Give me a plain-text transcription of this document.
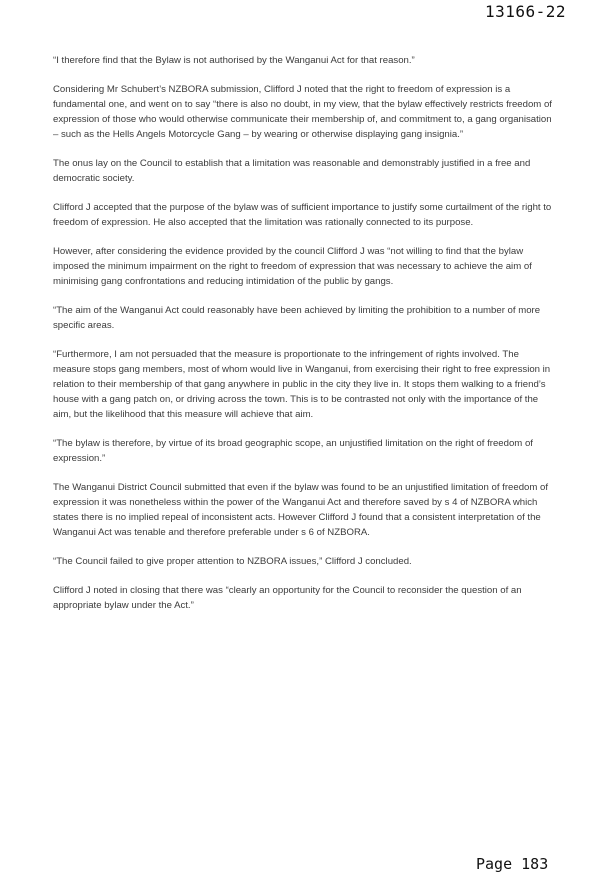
13166-22

“I therefore find that the Bylaw is not authorised by the Wanganui Act for that reason.”

Considering Mr Schubert’s NZBORA submission, Clifford J noted that the right to freedom of expression is a fundamental one, and went on to say “there is also no doubt, in my view, that the bylaw effectively restricts freedom of expression of those who would otherwise communicate their membership of, and commitment to, a gang organisation – such as the Hells Angels Motorcycle Gang – by wearing or otherwise displaying gang insignia.”

The onus lay on the Council to establish that a limitation was reasonable and demonstrably justified in a free and democratic society.

Clifford J accepted that the purpose of the bylaw was of sufficient importance to justify some curtailment of the right to freedom of expression. He also accepted that the limitation was rationally connected to its purpose.

However, after considering the evidence provided by the council Clifford J was “not willing to find that the bylaw imposed the minimum impairment on the right to freedom of expression that was necessary to achieve the aim of minimising gang confrontations and reducing intimidation of the public by gangs.

“The aim of the Wanganui Act could reasonably have been achieved by limiting the prohibition to a number of more specific areas.

“Furthermore, I am not persuaded that the measure is proportionate to the infringement of rights involved. The measure stops gang members, most of whom would live in Wanganui, from exercising their right to free expression in relation to their membership of that gang anywhere in public in the city they live in. It stops them walking to a friend’s house with a gang patch on, or driving across the town. This is to be contrasted not only with the importance of the aim, but the likelihood that this measure will achieve that aim.

“The bylaw is therefore, by virtue of its broad geographic scope, an unjustified limitation on the right of freedom of expression.”

The Wanganui District Council submitted that even if the bylaw was found to be an unjustified limitation of freedom of expression it was nonetheless within the power of the Wanganui Act and therefore saved by s 4 of NZBORA which states there is no implied repeal of inconsistent acts. However Clifford J found that a consistent interpretation of the Wanganui Act was tenable and therefore preferable under s 6 of NZBORA.

“The Council failed to give proper attention to NZBORA issues,” Clifford J concluded.

Clifford J noted in closing that there was “clearly an opportunity for the Council to reconsider the question of an appropriate bylaw under the Act.”

Page 183
